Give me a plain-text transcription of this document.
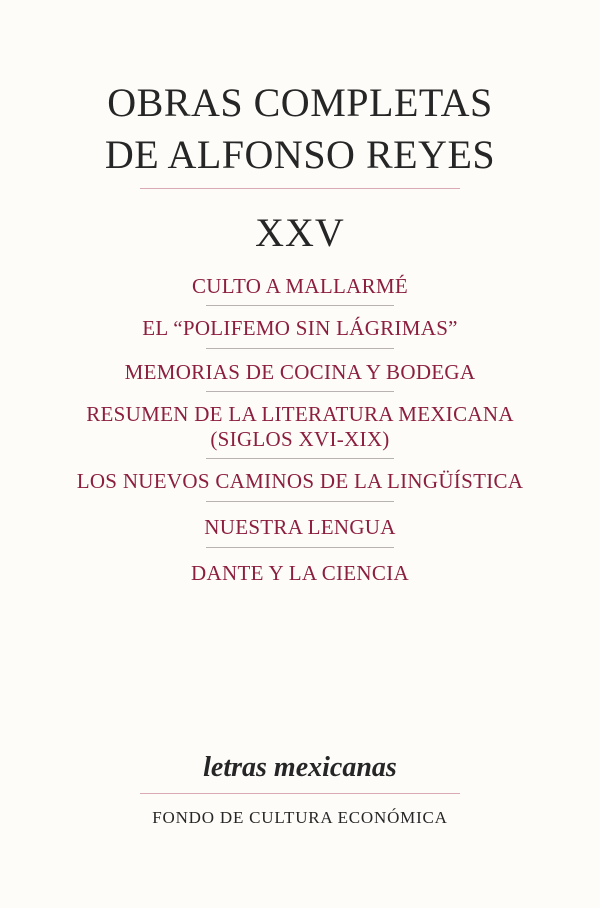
OBRAS COMPLETAS
DE ALFONSO REYES
XXV
CULTO A MALLARMÉ
EL “POLIFEMO SIN LÁGRIMAS”
MEMORIAS DE COCINA Y BODEGA
RESUMEN DE LA LITERATURA MEXICANA
(SIGLOS XVI-XIX)
LOS NUEVOS CAMINOS DE LA LINGÜÍSTICA
NUESTRA LENGUA
DANTE Y LA CIENCIA
letras mexicanas
FONDO DE CULTURA ECONÓMICA
